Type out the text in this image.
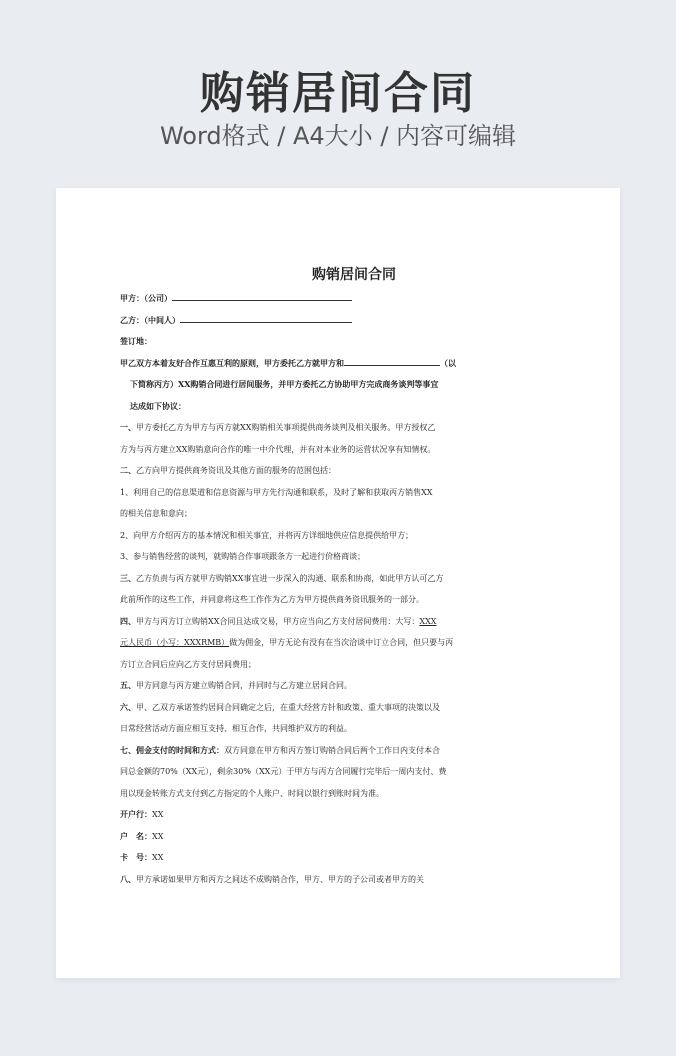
购销居间合同
Word格式 / A4大小 / 内容可编辑
购销居间合同

甲方：（公司）

乙方：（中间人）

签订地：

甲乙双方本着友好合作互惠互利的原则，甲方委托乙方就甲方和	（以

下简称丙方）XX购销合同进行居间服务，并甲方委托乙方协助甲方完成商务谈判等事宜

达成如下协议：

一、甲方委托乙方为甲方与丙方就XX购销相关事项提供商务谈判及相关服务。甲方授权乙

方为与丙方建立XX购销意向合作的唯一中介代理，并有对本业务的运营状况享有知情权。

二、乙方向甲方提供商务资讯及其他方面的服务的范围包括：

1、利用自己的信息渠道和信息资源与甲方先行沟通和联系，及时了解和获取丙方销售XX

的相关信息和意向；

2、向甲方介绍丙方的基本情况和相关事宜，并将丙方详细地供应信息提供给甲方；

3、参与销售经营的谈判，就购销合作事项跟条方一起进行价格商谈；

三、乙方负责与丙方就甲方购销XX事宜进一步深入的沟通、联系和协商，如此甲方认可乙方

此前所作的这些工作，并同意将这些工作作为乙方为甲方提供商务资讯服务的一部分。

四、甲方与丙方订立购销XX合同且达成交易，甲方应当向乙方支付居间费用：大写：XXX

元人民币（小写：XXXRMB）做为佣金，甲方无论有没有在当次洽谈中订立合同，但只要与丙

方订立合同后应向乙方支付居间费用；

五、甲方同意与丙方建立购销合同，并同时与乙方建立居间合同。

六、甲、乙双方承诺签约居间合同确定之后，在重大经营方针和政策、重大事项的决策以及

日常经营活动方面应相互支持、相互合作，共同维护双方的利益。

七、佣金支付的时间和方式：双方同意在甲方和丙方签订购销合同后两个工作日内支付本合

同总金额的70%（XX元），剩余30%（XX元）于甲方与丙方合同履行完毕后一周内支付、费

用以现金转账方式支付到乙方指定的个人账户、时间以银行到账时间为准。

开户行：XX

户　名：XX

卡　号：XX

八、甲方承诺如果甲方和丙方之间达不成购销合作，甲方、甲方的子公司或者甲方的关
